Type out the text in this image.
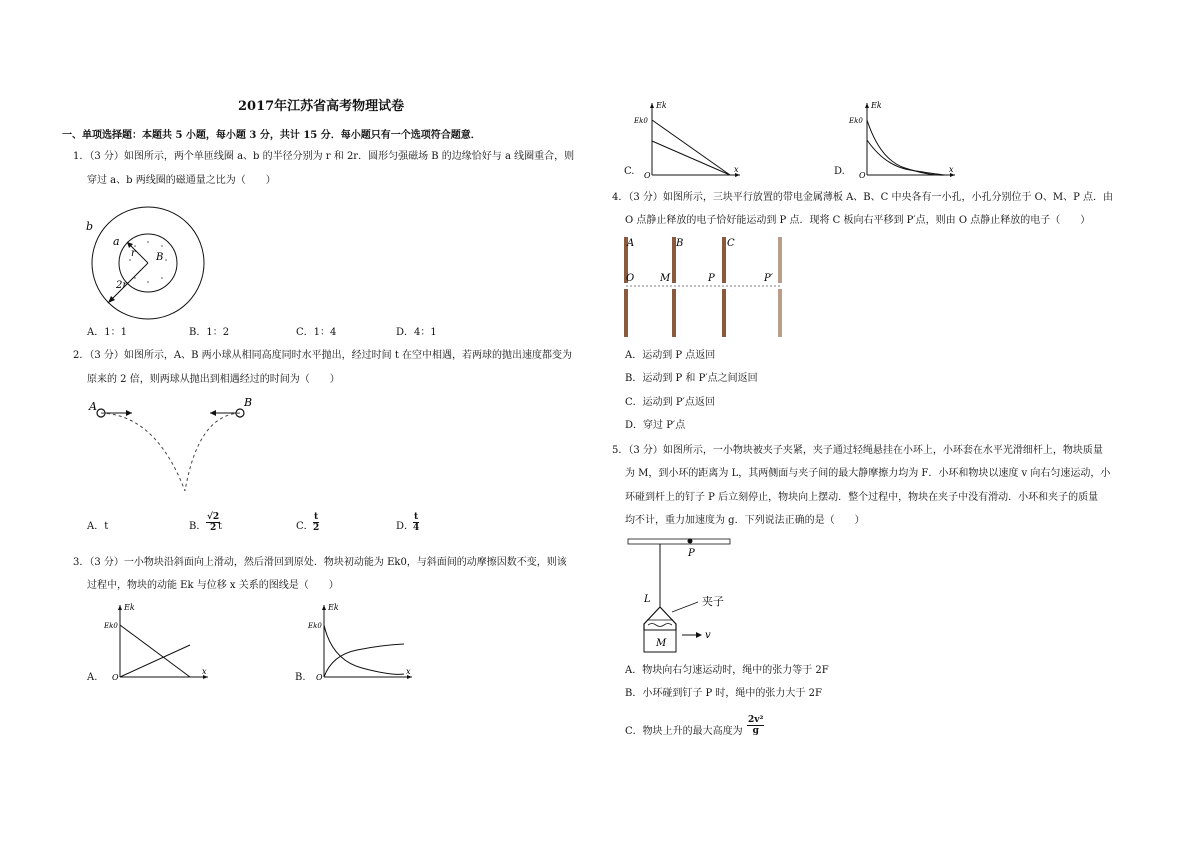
2017年江苏省高考物理试卷
一、单项选择题：本题共 5 小题，每小题 3 分，共计 15 分．每小题只有一个选项符合题意．
1．（3 分）如图所示，两个单匝线圈 a、b 的半径分别为 r 和 2r．圆形匀强磁场 B 的边缘恰好与 a 线圈重合，则
穿过 a、b 两线圈的磁通量之比为（　　）
b
a
r B
2r
A．1：1	B．1：2	C．1：4	D．4：1
2．（3 分）如图所示，A、B 两小球从相同高度同时水平抛出，经过时间 t 在空中相遇，若两球的抛出速度都变为
原来的 2 倍，则两球从抛出到相遇经过的时间为（　　）
A	B
A．t	B． $\frac{√2}{2}$
t	C． $\frac{t}{2}$	D．
$\frac{t}{4}$
3．（3 分）一小物块沿斜面向上滑动，然后滑回到原处．物块初动能为 Ek0，与斜面间的动摩擦因数不变，则该
过程中，物块的动能 Ek 与位移 x 关系的图线是（　　）
A.
Ek
Ek0
O
x
B.
Ek
Ek0
O
x
C.
Ek
Ek0
O
x	D.
Ek
Ek0
O
x
4．（3 分）如图所示，三块平行放置的带电金属薄板 A、B、C 中央各有一小孔，小孔分别位于 O、M、P 点．由
O 点静止释放的电子恰好能运动到 P 点．现将 C 板向右平移到 P′点，则由 O 点静止释放的电子（　　）
A	B	C
O	M	P	P′
A．运动到 P 点返回
B．运动到 P 和 P′点之间返回
C．运动到 P′点返回
D．穿过 P′点
5．（3 分）如图所示，一小物块被夹子夹紧，夹子通过轻绳悬挂在小环上，小环套在水平光滑细杆上，物块质量
为 M，到小环的距离为 L，其两侧面与夹子间的最大静摩擦力均为 F．小环和物块以速度 v 向右匀速运动，小
环碰到杆上的钉子 P 后立刻停止，物块向上摆动．整个过程中，物块在夹子中没有滑动．小环和夹子的质量
均不计，重力加速度为 g．下列说法正确的是（　　）
P
L	夹子
M
v
A．物块向右匀速运动时，绳中的张力等于 2F
B．小环碰到钉子 P 时，绳中的张力大于 2F
C．物块上升的最大高度为 $\frac{\text{2v²}}{g}$
